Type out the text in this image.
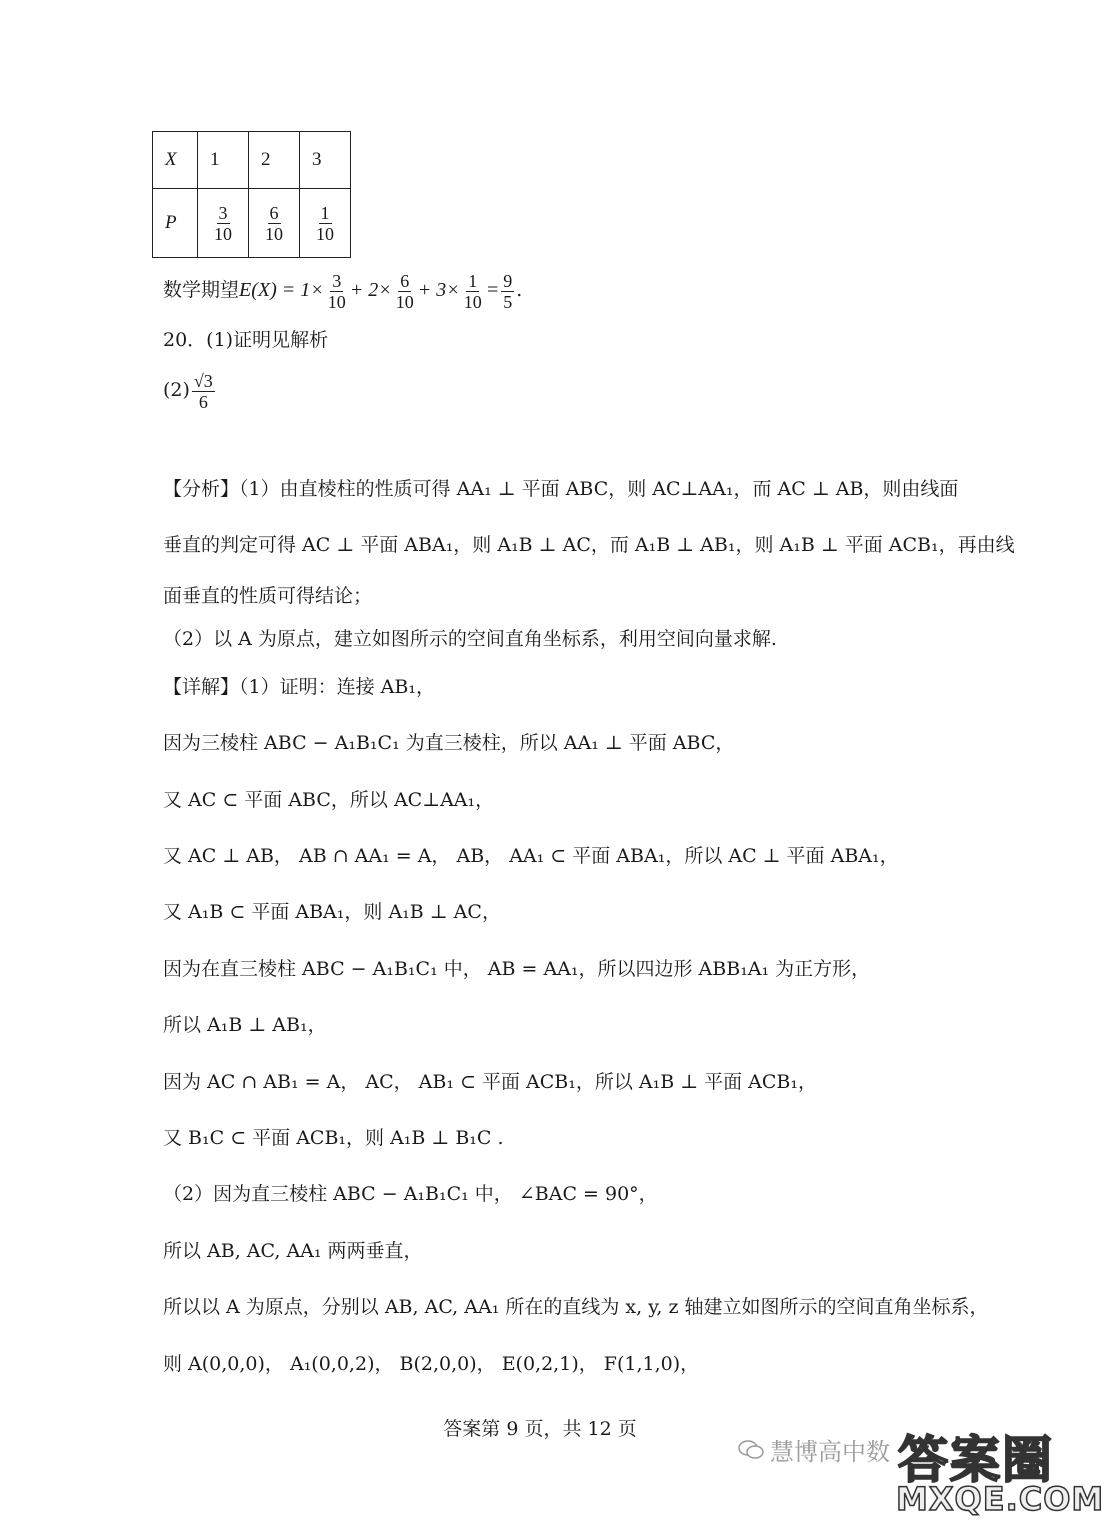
X	1	2	3
P	$\frac{3}{10}$	$\frac{6}{10}$	$\frac{1}{10}$
数学期望$E(X) = 1\times \frac{3}{10} + 2\times \frac{6}{10} + 3\times \frac{1}{10} = \frac{9}{5}$ .
20．(1)证明见解析
$(2) \frac{√3}{6}$
【分析】（1）由直棱柱的性质可得 AA₁ ⊥ 平面 ABC，则 AC⊥AA₁，而 AC ⊥ AB，则由线面
垂直的判定可得 AC ⊥ 平面 ABA₁，则 A₁B ⊥ AC，而 A₁B ⊥ AB₁，则 A₁B ⊥ 平面 ACB₁，再由线
面垂直的性质可得结论；
（2）以 A 为原点，建立如图所示的空间直角坐标系，利用空间向量求解.
【详解】（1）证明：连接 AB₁，
因为三棱柱 ABC − A₁B₁C₁ 为直三棱柱，所以 AA₁ ⊥ 平面 ABC，
又 AC ⊂ 平面 ABC，所以 AC⊥AA₁，
又 AC ⊥ AB， AB ∩ AA₁ = A， AB， AA₁ ⊂ 平面 ABA₁，所以 AC ⊥ 平面 ABA₁，
又 A₁B ⊂ 平面 ABA₁，则 A₁B ⊥ AC，
因为在直三棱柱 ABC − A₁B₁C₁ 中， AB = AA₁，所以四边形 ABB₁A₁ 为正方形，
所以 A₁B ⊥ AB₁，
因为 AC ∩ AB₁ = A， AC， AB₁ ⊂ 平面 ACB₁，所以 A₁B ⊥ 平面 ACB₁，
又 B₁C ⊂ 平面 ACB₁，则 A₁B ⊥ B₁C .
（2）因为直三棱柱 ABC − A₁B₁C₁ 中， ∠BAC = 90°，
所以 AB, AC, AA₁ 两两垂直，
所以以 A 为原点，分别以 AB, AC, AA₁ 所在的直线为 x, y, z 轴建立如图所示的空间直角坐标系，
则 A(0,0,0)， A₁(0,0,2)， B(2,0,0)， E(0,2,1)， F(1,1,0)，
答案第 9 页，共 12 页
慧博高中数 答案圈
MXQE.COM
